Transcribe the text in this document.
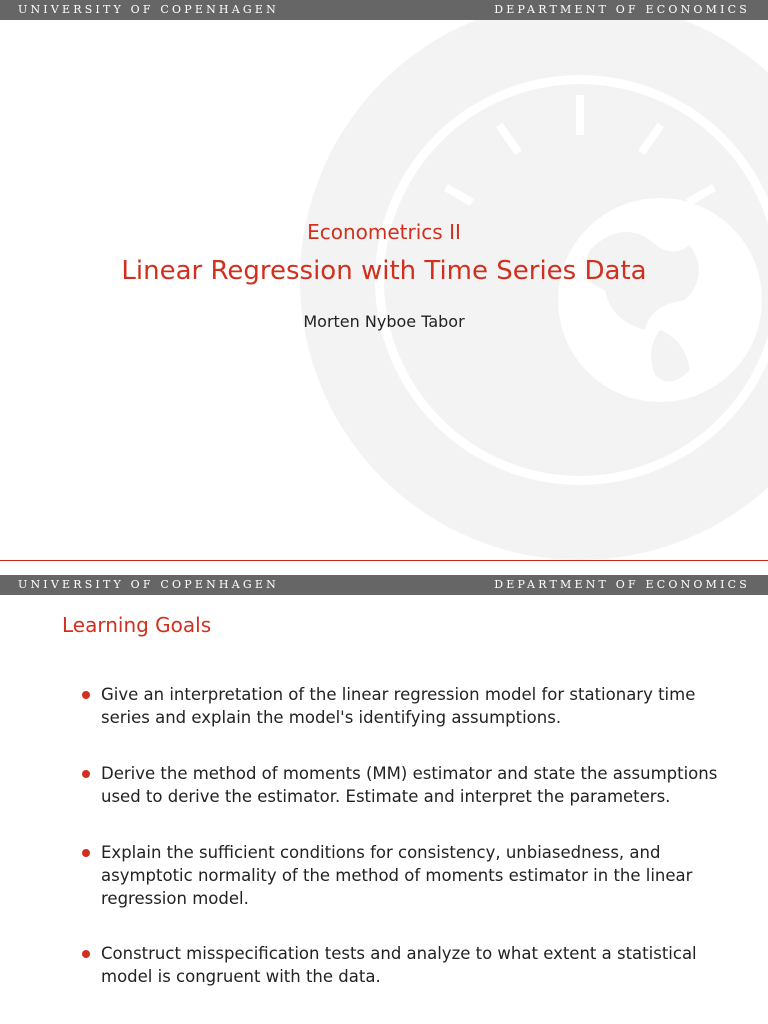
UNIVERSITY OF COPENHAGEN	DEPARTMENT OF ECONOMICS
Econometrics II
Linear Regression with Time Series Data
Morten Nyboe Tabor
UNIVERSITY OF COPENHAGEN	DEPARTMENT OF ECONOMICS
Learning Goals
Give an interpretation of the linear regression model for stationary time series and explain the model's identifying assumptions.
Derive the method of moments (MM) estimator and state the assumptions used to derive the estimator. Estimate and interpret the parameters.
Explain the sufficient conditions for consistency, unbiasedness, and asymptotic normality of the method of moments estimator in the linear regression model.
Construct misspecification tests and analyze to what extent a statistical model is congruent with the data.
